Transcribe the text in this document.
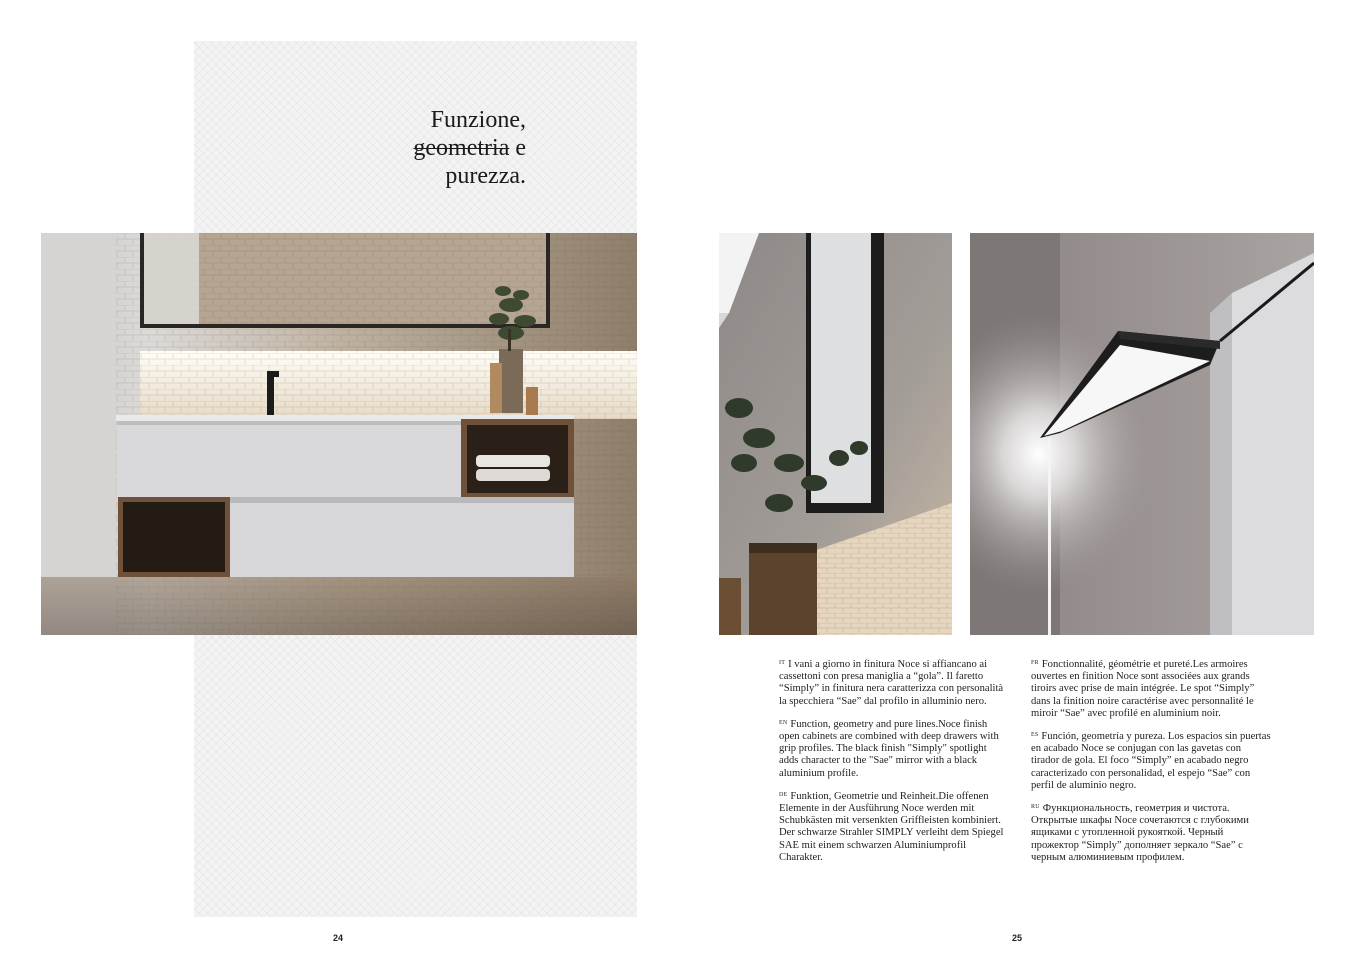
Funzione,
geometria e
purezza.

$^{IT}$ I vani a giorno in finitura Noce si affiancano ai cassettoni con presa maniglia a “gola”. Il faretto “Simply” in finitura nera caratterizza con personalità la specchiera “Sae” dal profilo in alluminio nero.

$^{EN}$ Function, geometry and pure lines.Noce finish open cabinets are combined with deep drawers with grip profiles. The black finish "Simply" spotlight adds character to the "Sae" mirror with a black aluminium profile.

$^{DE}$ Funktion, Geometrie und Reinheit.Die offenen Elemente in der Ausführung Noce werden mit Schubkästen mit versenkten Griffleisten kombiniert. Der schwarze Strahler SIMPLY verleiht dem Spiegel SAE mit einem schwarzen Aluminiumprofil Charakter.

$^{FR}$ Fonctionnalité, géométrie et pureté.Les armoires ouvertes en finition Noce sont associées aux grands tiroirs avec prise de main intégrée. Le spot “Simply” dans la finition noire caractérise avec personnalité le miroir “Sae” avec profilé en aluminium noir.

$^{ES}$ Función, geometría y pureza. Los espacios sin puertas en acabado Noce se conjugan con las gavetas con tirador de gola. El foco “Simply” en acabado negro caracterizado con personalidad, el espejo “Sae” con perfil de aluminio negro.

$^{RU}$ Функциональность, геометрия и чистота. Открытые шкафы Noce сочетаются с глубокими ящиками с утопленной рукояткой. Черный прожектор “Simply” дополняет зеркало “Sae” с черным алюминиевым профилем.

24	25
